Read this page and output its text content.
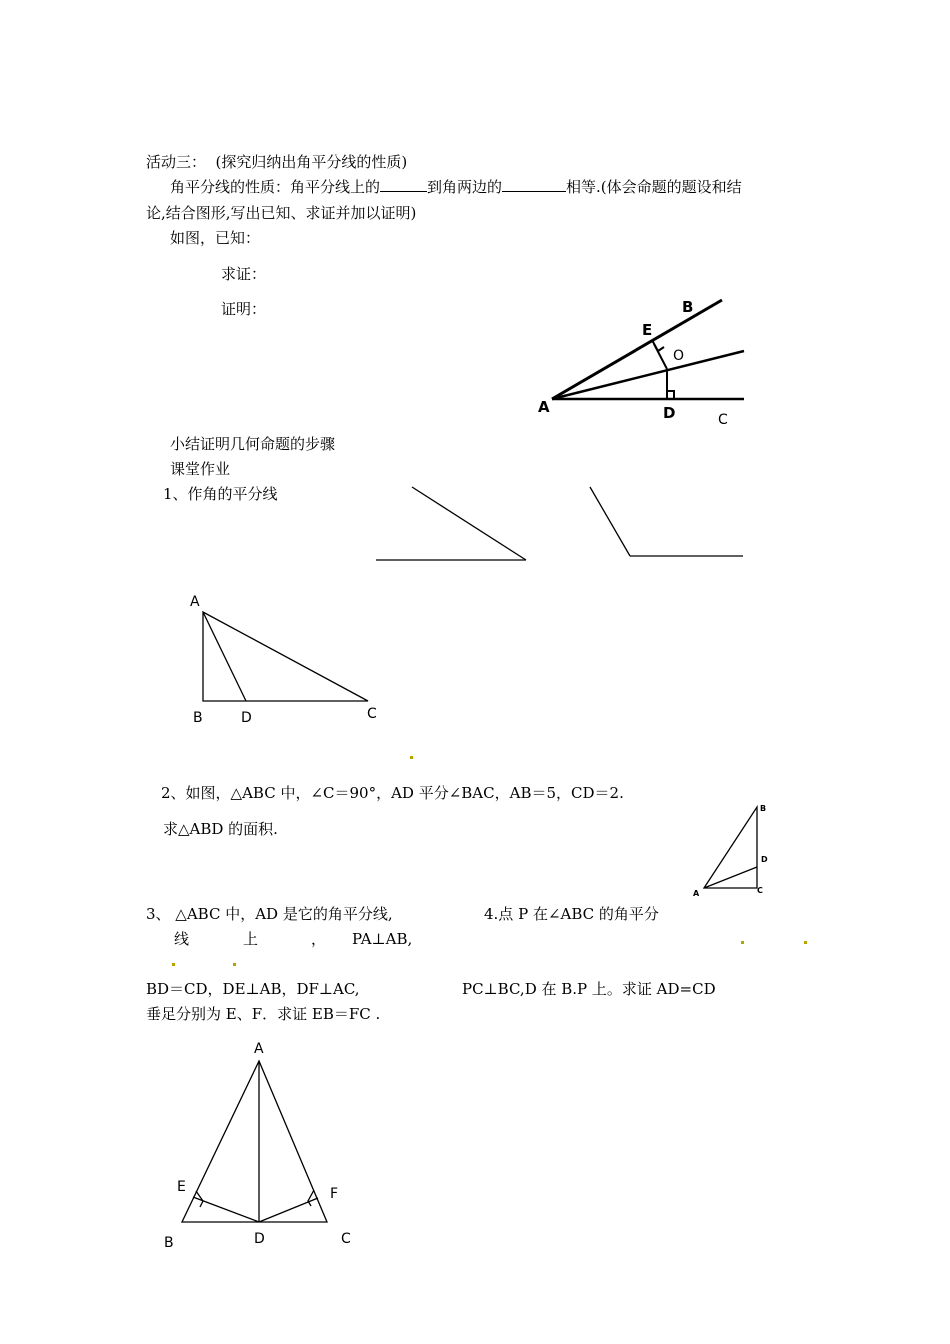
活动三：  (探究归纳出角平分线的性质)
角平分线的性质：角平分线上的	到角两边的	相等.(体会命题的题设和结
论,结合图形,写出已知、求证并加以证明)
如图，已知：
求证：
证明：
小结证明几何命题的步骤
课堂作业
1、作角的平分线
2、如图，△ABC 中，∠C＝90°，AD 平分∠BAC，AB＝5，CD＝2.
求△ABD 的面积.
3、 △ABC 中，AD 是它的角平分线,
线	上	，
BD＝CD，DE⊥AB，DF⊥AC,
垂足分别为 E、F．求证 EB＝FC .
4.点 P 在∠ABC 的角平分
PA⊥AB,
PC⊥BC,D 在 B.P 上。求证 AD=CD
B
E
O
A	D	C
A
B	D	C
B
D
A	C
A
E	F
B	D	C
